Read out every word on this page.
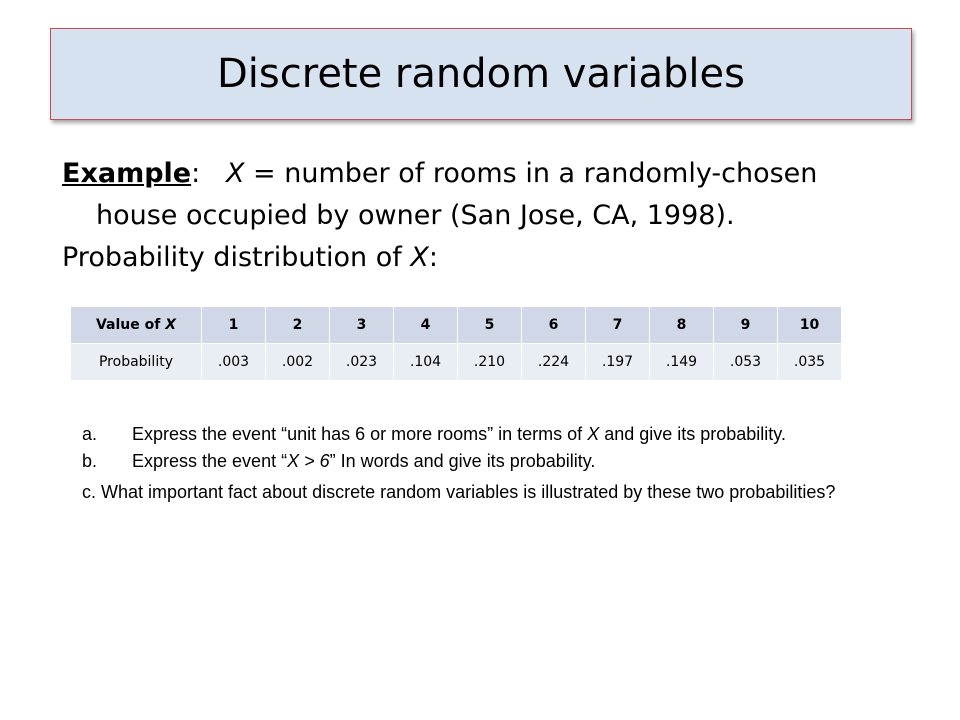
Discrete random variables

Example: X = number of rooms in a randomly-chosen house occupied by owner (San Jose, CA, 1998).

Probability distribution of X:

Value of X	1	2	3	4	5	6	7	8	9	10
Probability	.003	.002	.023	.104	.210	.224	.197	.149	.053	.035
a.	Express the event “unit has 6 or more rooms” in terms of X and give its probability.
b.	Express the event “X > 6” In words and give its probability.
c. What important fact about discrete random variables is illustrated by these two probabilities?
